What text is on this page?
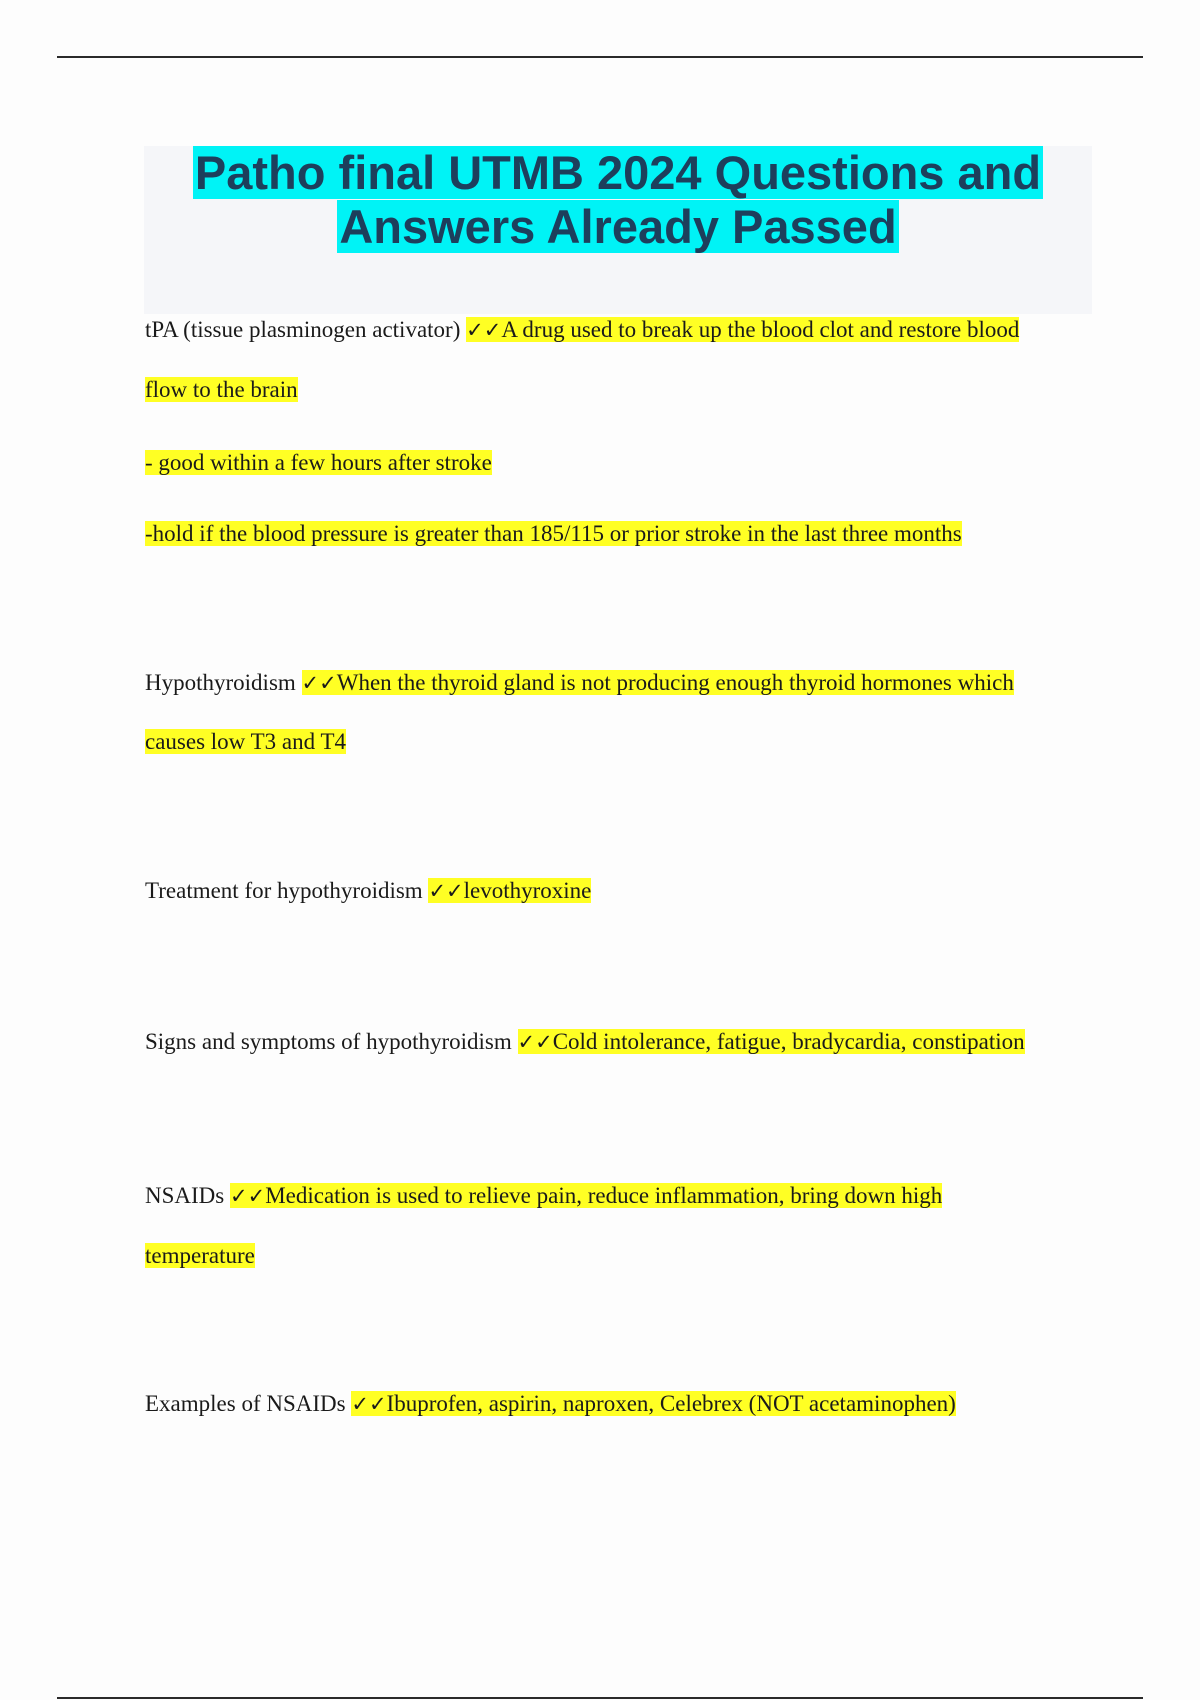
Patho final UTMB 2024 Questions and
Answers Already Passed
tPA (tissue plasminogen activator) ✓✓A drug used to break up the blood clot and restore blood
flow to the brain
- good within a few hours after stroke
-hold if the blood pressure is greater than 185/115 or prior stroke in the last three months
Hypothyroidism ✓✓When the thyroid gland is not producing enough thyroid hormones which
causes low T3 and T4
Treatment for hypothyroidism ✓✓levothyroxine
Signs and symptoms of hypothyroidism ✓✓Cold intolerance, fatigue, bradycardia, constipation
NSAIDs ✓✓Medication is used to relieve pain, reduce inflammation, bring down high
temperature
Examples of NSAIDs ✓✓Ibuprofen, aspirin, naproxen, Celebrex (NOT acetaminophen)
